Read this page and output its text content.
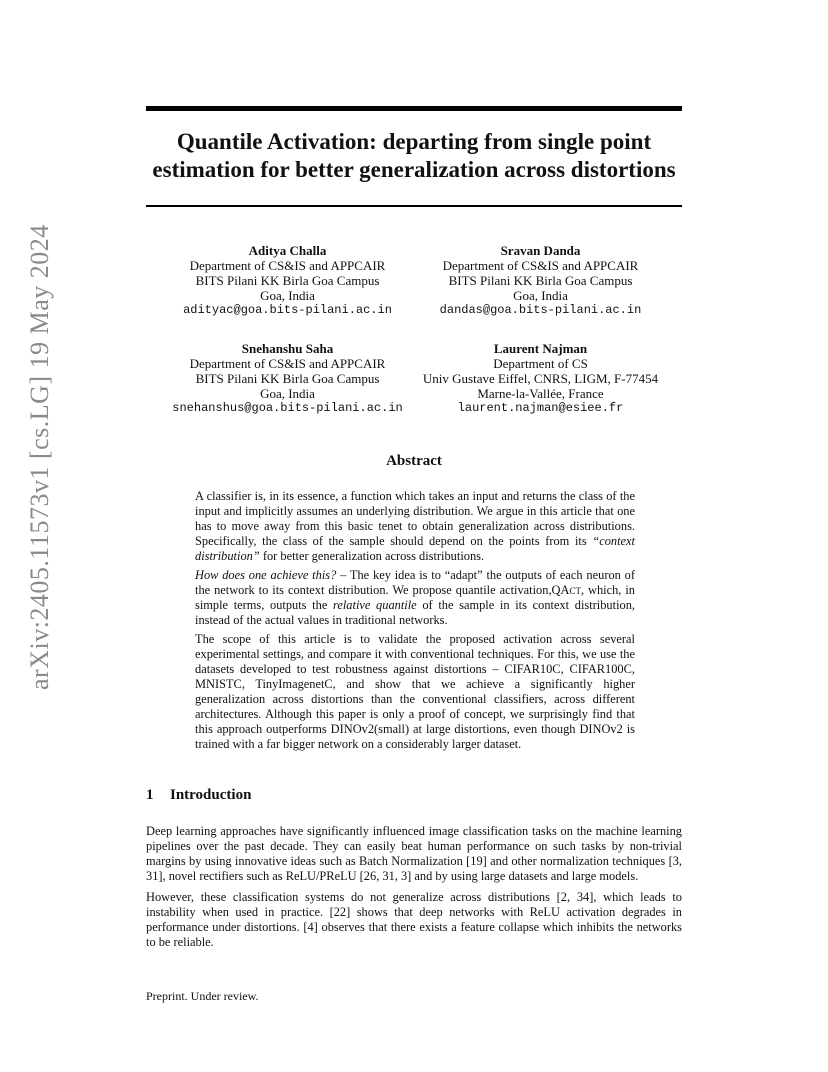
arXiv:2405.11573v1 [cs.LG] 19 May 2024
Quantile Activation: departing from single point
estimation for better generalization across distortions
Aditya Challa
Department of CS&IS and APPCAIR
BITS Pilani KK Birla Goa Campus
Goa, India
adityac@goa.bits-pilani.ac.in
Sravan Danda
Department of CS&IS and APPCAIR
BITS Pilani KK Birla Goa Campus
Goa, India
dandas@goa.bits-pilani.ac.in
Snehanshu Saha
Department of CS&IS and APPCAIR
BITS Pilani KK Birla Goa Campus
Goa, India
snehanshus@goa.bits-pilani.ac.in
Laurent Najman
Department of CS
Univ Gustave Eiffel, CNRS, LIGM, F-77454
Marne-la-Vallée, France
laurent.najman@esiee.fr
Abstract

A classifier is, in its essence, a function which takes an input and returns the class of the input and implicitly assumes an underlying distribution. We argue in this article that one has to move away from this basic tenet to obtain generalization across distributions. Specifically, the class of the sample should depend on the points from its “context distribution” for better generalization across distributions.

How does one achieve this? – The key idea is to “adapt” the outputs of each neuron of the network to its context distribution. We propose quantile activation,QAct, which, in simple terms, outputs the relative quantile of the sample in its context distribution, instead of the actual values in traditional networks.

The scope of this article is to validate the proposed activation across several experimental settings, and compare it with conventional techniques. For this, we use the datasets developed to test robustness against distortions – CIFAR10C, CIFAR100C, MNISTC, TinyImagenetC, and show that we achieve a significantly higher generalization across distortions than the conventional classifiers, across different architectures. Although this paper is only a proof of concept, we surprisingly find that this approach outperforms DINOv2(small) at large distortions, even though DINOv2 is trained with a far bigger network on a considerably larger dataset.

1 Introduction

Deep learning approaches have significantly influenced image classification tasks on the machine learning pipelines over the past decade. They can easily beat human performance on such tasks by non-trivial margins by using innovative ideas such as Batch Normalization [19] and other normalization techniques [3, 31], novel rectifiers such as ReLU/PReLU [26, 31, 3] and by using large datasets and large models.

However, these classification systems do not generalize across distributions [2, 34], which leads to instability when used in practice. [22] shows that deep networks with ReLU activation degrades in performance under distortions. [4] observes that there exists a feature collapse which inhibits the networks to be reliable.

Preprint. Under review.
